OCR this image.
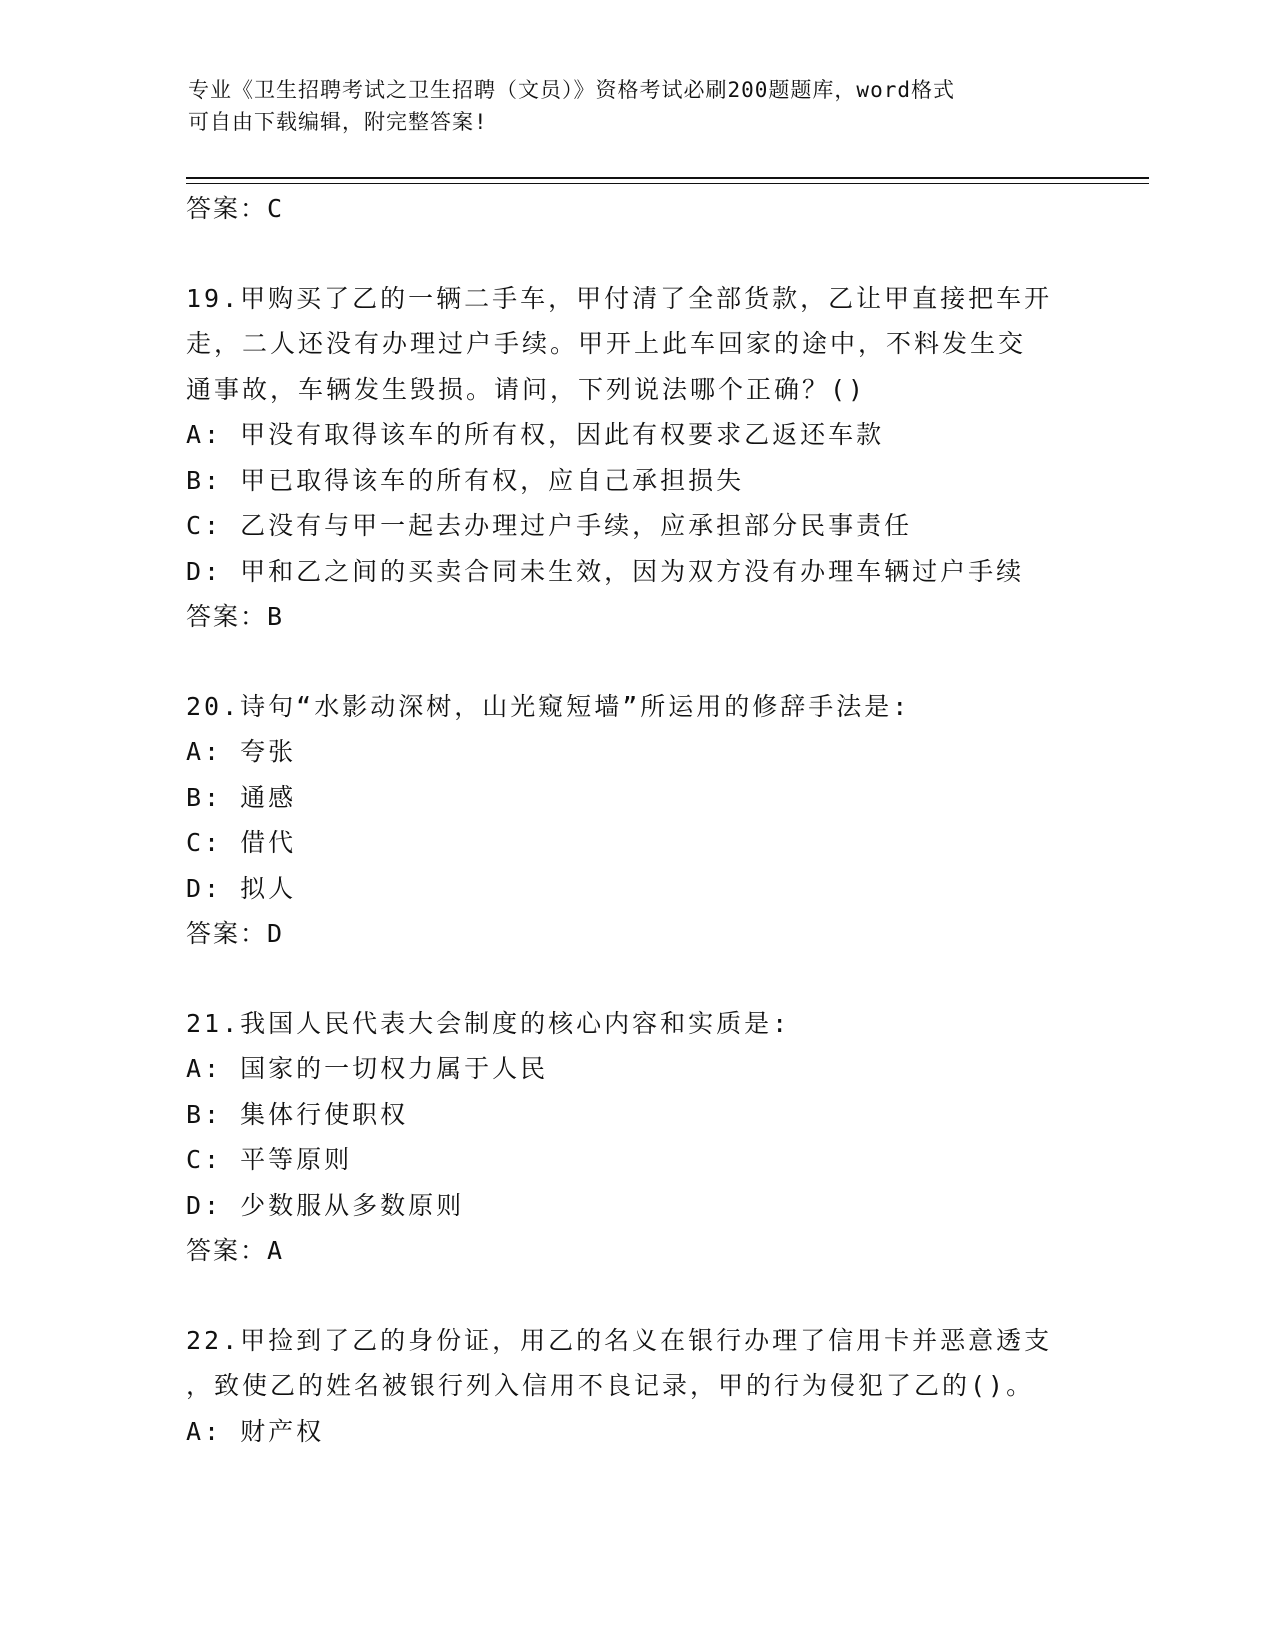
专业《卫生招聘考试之卫生招聘（文员）》资格考试必刷200题题库，word格式
可自由下载编辑，附完整答案!
答案：C
19.甲购买了乙的一辆二手车，甲付清了全部货款，乙让甲直接把车开
走，二人还没有办理过户手续。甲开上此车回家的途中，不料发生交
通事故，车辆发生毁损。请问，下列说法哪个正确？()
A: 甲没有取得该车的所有权，因此有权要求乙返还车款
B: 甲已取得该车的所有权，应自己承担损失
C: 乙没有与甲一起去办理过户手续，应承担部分民事责任
D: 甲和乙之间的买卖合同未生效，因为双方没有办理车辆过户手续
答案：B
20.诗句“水影动深树，山光窥短墙”所运用的修辞手法是:
A: 夸张
B: 通感
C: 借代
D: 拟人
答案：D
21.我国人民代表大会制度的核心内容和实质是:
A: 国家的一切权力属于人民
B: 集体行使职权
C: 平等原则
D: 少数服从多数原则
答案：A
22.甲捡到了乙的身份证，用乙的名义在银行办理了信用卡并恶意透支
，致使乙的姓名被银行列入信用不良记录，甲的行为侵犯了乙的()。
A: 财产权
